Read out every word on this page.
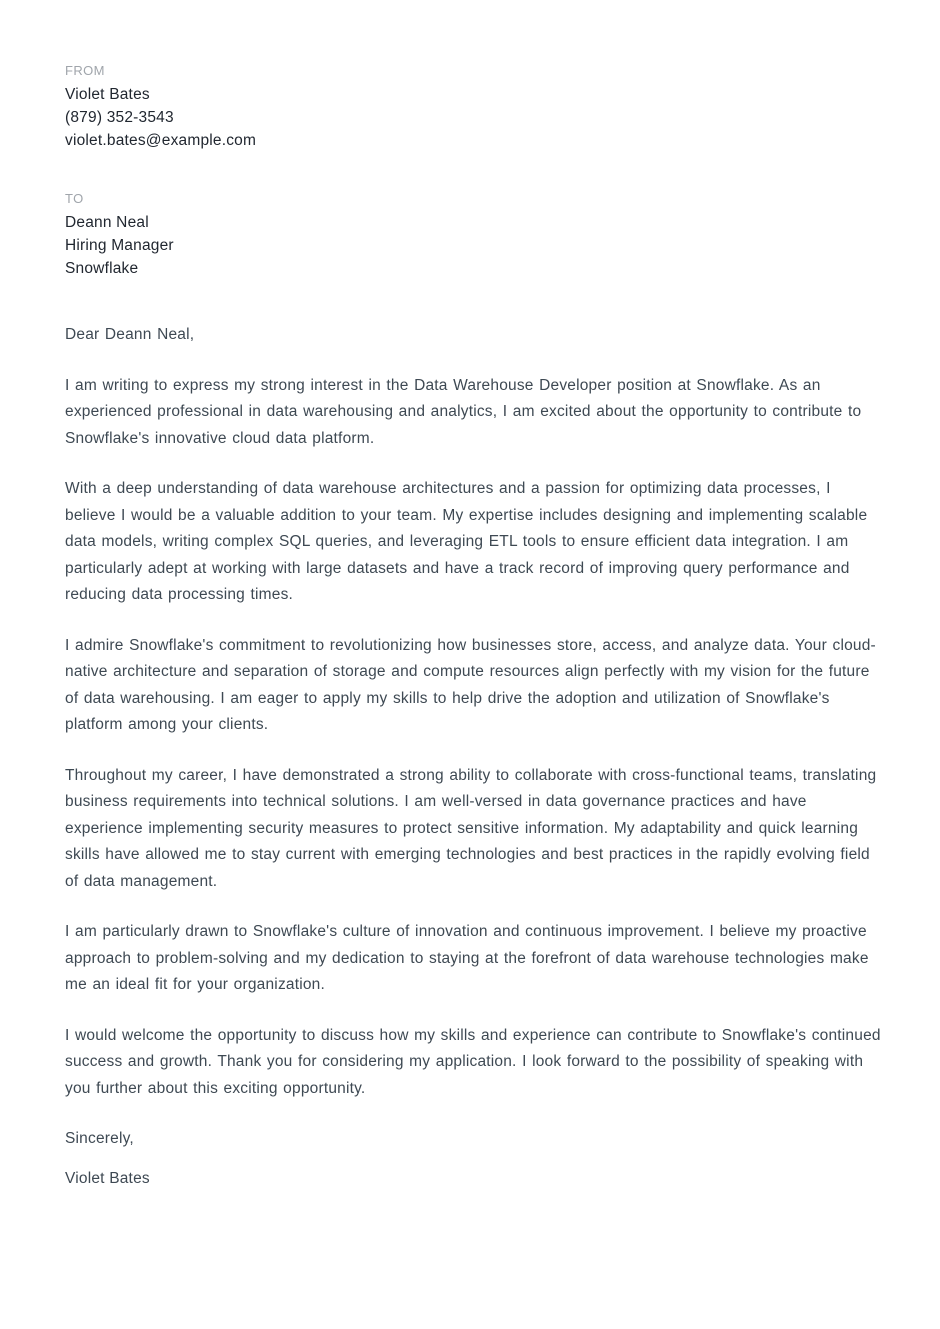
FROM
Violet Bates
(879) 352-3543
violet.bates@example.com
TO
Deann Neal
Hiring Manager
Snowflake

Dear Deann Neal,

I am writing to express my strong interest in the Data Warehouse Developer position at Snowflake. As an experienced professional in data warehousing and analytics, I am excited about the opportunity to contribute to Snowflake's innovative cloud data platform.

With a deep understanding of data warehouse architectures and a passion for optimizing data processes, I believe I would be a valuable addition to your team. My expertise includes designing and implementing scalable data models, writing complex SQL queries, and leveraging ETL tools to ensure efficient data integration. I am particularly adept at working with large datasets and have a track record of improving query performance and reducing data processing times.

I admire Snowflake's commitment to revolutionizing how businesses store, access, and analyze data. Your cloud-native architecture and separation of storage and compute resources align perfectly with my vision for the future of data warehousing. I am eager to apply my skills to help drive the adoption and utilization of Snowflake's platform among your clients.

Throughout my career, I have demonstrated a strong ability to collaborate with cross-functional teams, translating business requirements into technical solutions. I am well-versed in data governance practices and have experience implementing security measures to protect sensitive information. My adaptability and quick learning skills have allowed me to stay current with emerging technologies and best practices in the rapidly evolving field of data management.

I am particularly drawn to Snowflake's culture of innovation and continuous improvement. I believe my proactive approach to problem-solving and my dedication to staying at the forefront of data warehouse technologies make me an ideal fit for your organization.

I would welcome the opportunity to discuss how my skills and experience can contribute to Snowflake's continued success and growth. Thank you for considering my application. I look forward to the possibility of speaking with you further about this exciting opportunity.

Sincerely,

Violet Bates
